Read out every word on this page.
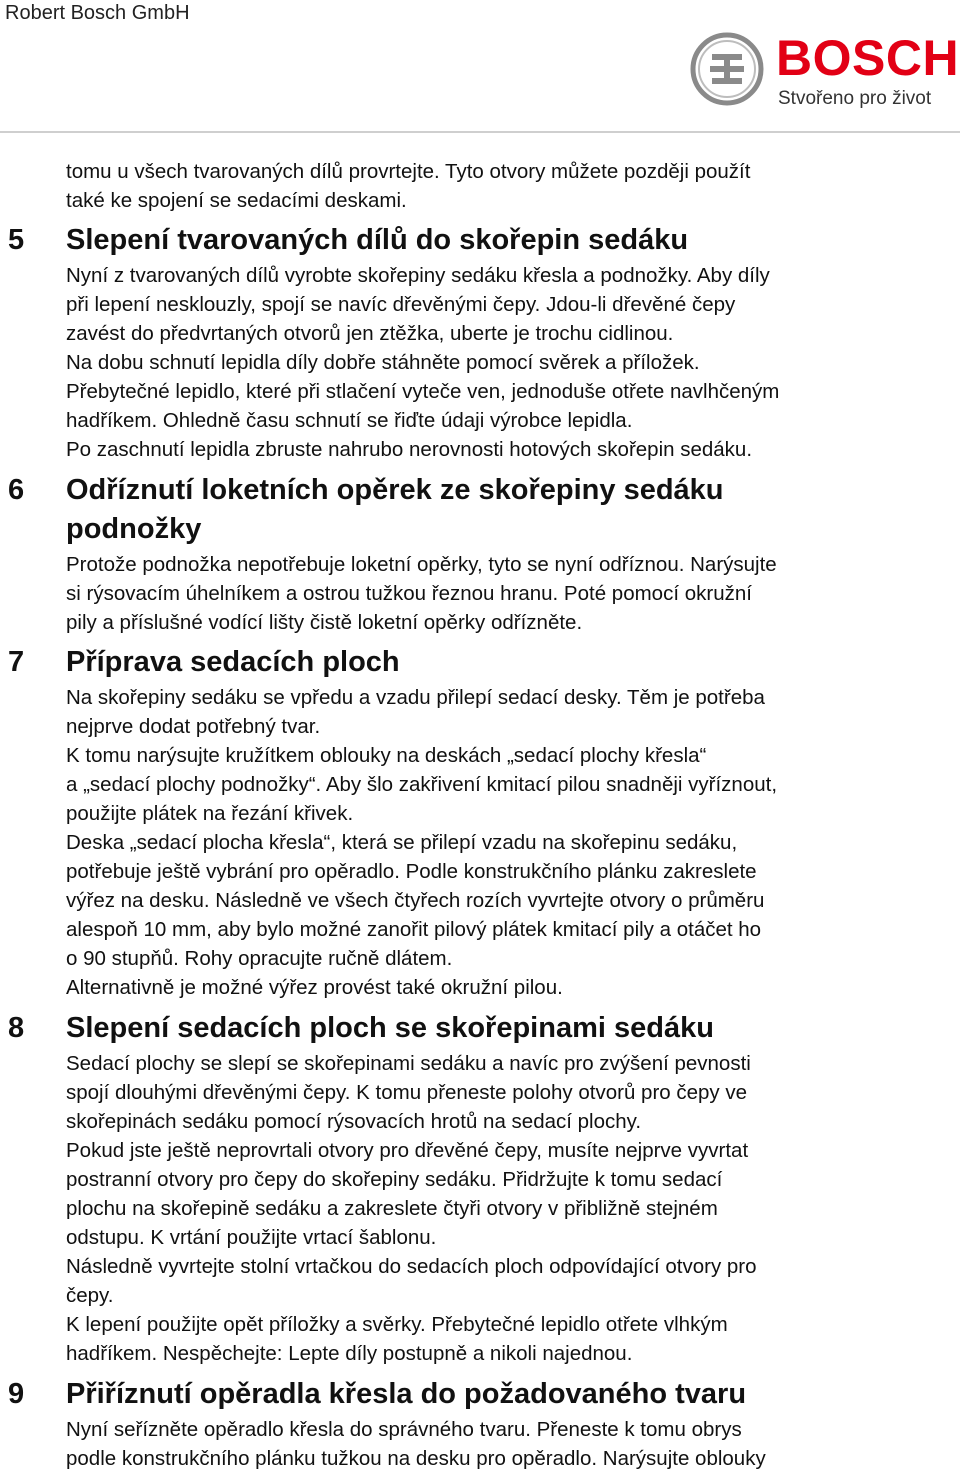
Robert Bosch GmbH
BOSCH
Stvořeno pro život
tomu u všech tvarovaných dílů provrtejte. Tyto otvory můžete později použít
také ke spojení se sedacími deskami.
5 Slepení tvarovaných dílů do skořepin sedáku
Nyní z tvarovaných dílů vyrobte skořepiny sedáku křesla a podnožky. Aby díly
při lepení nesklouzly, spojí se navíc dřevěnými čepy. Jdou-li dřevěné čepy
zavést do předvrtaných otvorů jen ztěžka, uberte je trochu cidlinou.
Na dobu schnutí lepidla díly dobře stáhněte pomocí svěrek a příložek.
Přebytečné lepidlo, které při stlačení vyteče ven, jednoduše otřete navlhčeným
hadříkem. Ohledně času schnutí se řiďte údaji výrobce lepidla.
Po zaschnutí lepidla zbruste nahrubo nerovnosti hotových skořepin sedáku.
6 Odříznutí loketních opěrek ze skořepiny sedáku
podnožky
Protože podnožka nepotřebuje loketní opěrky, tyto se nyní odříznou. Narýsujte
si rýsovacím úhelníkem a ostrou tužkou řeznou hranu. Poté pomocí okružní
pily a příslušné vodící lišty čistě loketní opěrky odřízněte.
7 Příprava sedacích ploch
Na skořepiny sedáku se vpředu a vzadu přilepí sedací desky. Těm je potřeba
nejprve dodat potřebný tvar.
K tomu narýsujte kružítkem oblouky na deskách „sedací plochy křesla“
a „sedací plochy podnožky“. Aby šlo zakřivení kmitací pilou snadněji vyříznout,
použijte plátek na řezání křivek.
Deska „sedací plocha křesla“, která se přilepí vzadu na skořepinu sedáku,
potřebuje ještě vybrání pro opěradlo. Podle konstrukčního plánku zakreslete
výřez na desku. Následně ve všech čtyřech rozích vyvrtejte otvory o průměru
alespoň 10 mm, aby bylo možné zanořit pilový plátek kmitací pily a otáčet ho
o 90 stupňů. Rohy opracujte ručně dlátem.
Alternativně je možné výřez provést také okružní pilou.
8 Slepení sedacích ploch se skořepinami sedáku
Sedací plochy se slepí se skořepinami sedáku a navíc pro zvýšení pevnosti
spojí dlouhými dřevěnými čepy. K tomu přeneste polohy otvorů pro čepy ve
skořepinách sedáku pomocí rýsovacích hrotů na sedací plochy.
Pokud jste ještě neprovrtali otvory pro dřevěné čepy, musíte nejprve vyvrtat
postranní otvory pro čepy do skořepiny sedáku. Přidržujte k tomu sedací
plochu na skořepině sedáku a zakreslete čtyři otvory v přibližně stejném
odstupu. K vrtání použijte vrtací šablonu.
Následně vyvrtejte stolní vrtačkou do sedacích ploch odpovídající otvory pro
čepy.
K lepení použijte opět příložky a svěrky. Přebytečné lepidlo otřete vlhkým
hadříkem. Nespěchejte: Lepte díly postupně a nikoli najednou.
9 Přiříznutí opěradla křesla do požadovaného tvaru
Nyní seřízněte opěradlo křesla do správného tvaru. Přeneste k tomu obrys
podle konstrukčního plánku tužkou na desku pro opěradlo. Narýsujte oblouky
